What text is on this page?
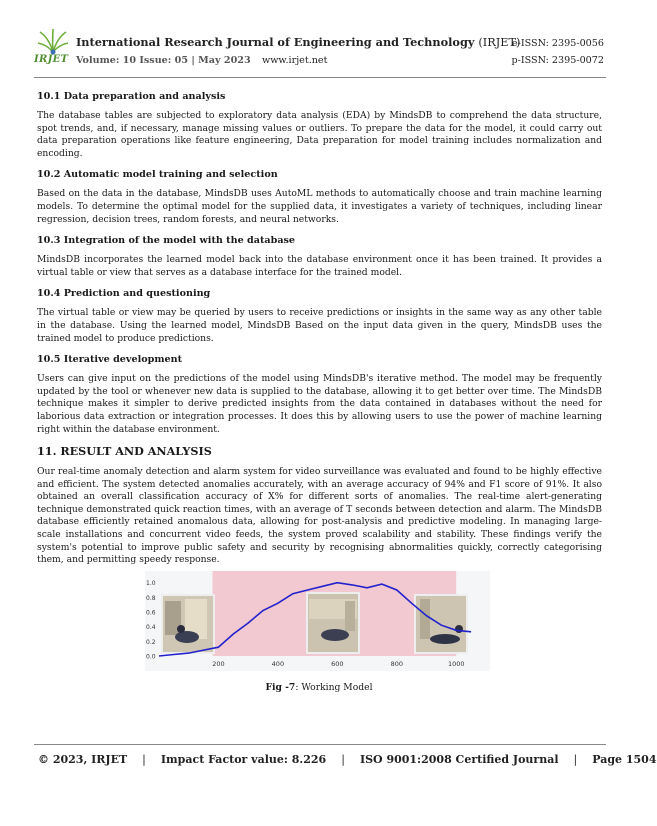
IRJET
International Research Journal of Engineering and Technology (IRJET)
e-ISSN: 2395-0056
Volume: 10 Issue: 05 | May 2023 www.irjet.net	p-ISSN: 2395-0072
10.1 Data preparation and analysis

The database tables are subjected to exploratory data analysis (EDA) by MindsDB to comprehend the data structure, spot trends, and, if necessary, manage missing values or outliers. To prepare the data for the model, it could carry out data preparation operations like feature engineering, Data preparation for model training includes normalization and encoding.

10.2 Automatic model training and selection

Based on the data in the database, MindsDB uses AutoML methods to automatically choose and train machine learning models. To determine the optimal model for the supplied data, it investigates a variety of techniques, including linear regression, decision trees, random forests, and neural networks.

10.3 Integration of the model with the database

MindsDB incorporates the learned model back into the database environment once it has been trained. It provides a virtual table or view that serves as a database interface for the trained model.

10.4 Prediction and questioning

The virtual table or view may be queried by users to receive predictions or insights in the same way as any other table in the database. Using the learned model, MindsDB Based on the input data given in the query, MindsDB uses the trained model to produce predictions.

10.5 Iterative development

Users can give input on the predictions of the model using MindsDB's iterative method. The model may be frequently updated by the tool or whenever new data is supplied to the database, allowing it to get better over time. The MindsDB technique makes it simpler to derive predicted insights from the data contained in databases without the need for laborious data extraction or integration processes. It does this by allowing users to use the power of machine learning right within the database environment.

11. RESULT AND ANALYSIS

Our real-time anomaly detection and alarm system for video surveillance was evaluated and found to be highly effective and efficient. The system detected anomalies accurately, with an average accuracy of 94% and F1 score of 91%. It also obtained an overall classification accuracy of X% for different sorts of anomalies. The real-time alert-generating technique demonstrated quick reaction times, with an average of T seconds between detection and alarm. The MindsDB database efficiently retained anomalous data, allowing for post-analysis and predictive modeling. In managing large-scale installations and concurrent video feeds, the system proved scalability and stability. These findings verify the system's potential to improve public safety and security by recognising abnormalities quickly, correctly categorising them, and permitting speedy response.

0.0
0.2
0.4
0.6
0.8
1.0
200	400	600	800	1000
Fig -7: Working Model
© 2023, IRJET | Impact Factor value: 8.226 | ISO 9001:2008 Certified Journal | Page 1504
